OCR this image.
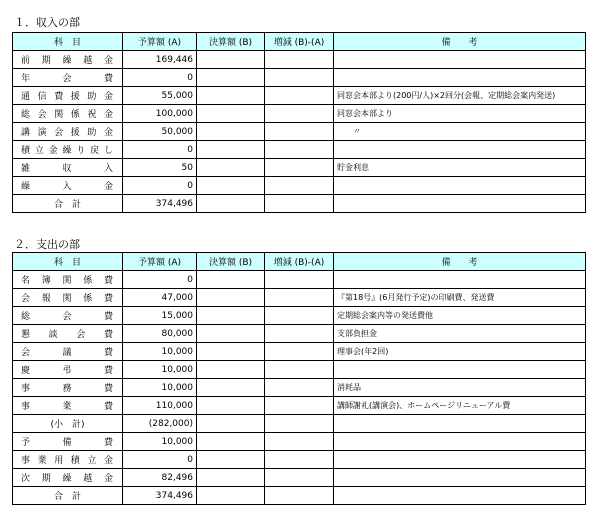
１．収入の部
科　目	予算額 (A)	決算額 (B)	増減 (B)-(A)	備　　考
前期繰越金	169,446			
年　会　費	0			
通信費援助金	55,000			同窓会本部より(200円/人)×2回分(会報、定期総会案内発送)
総会関係祝金	100,000			同窓会本部より
講演会援助金	50,000			　　〃
積立金繰り戻し	0			
雑　収　入	50			貯金利息
繰　入　金	0			
合　計	374,496			
２．支出の部
科　目	予算額 (A)	決算額 (B)	増減 (B)-(A)	備　　考
名簿関係費	0			
会報関係費	47,000			『第18号』(6月発行予定)の印刷費、発送費
総　会　費	15,000			定期総会案内等の発送費他
懇　談　会　費	80,000			支部負担金
会　議　費	10,000			理事会(年2回)
慶　弔　費	10,000			
事　務　費	10,000			消耗品
事　業　費	110,000			講師謝礼(講演会)、ホームページリニューアル費
(小　計)	(282,000)			
予　備　費	10,000			
事業用積立金	0			
次期繰越金	82,496			
合　計	374,496			
